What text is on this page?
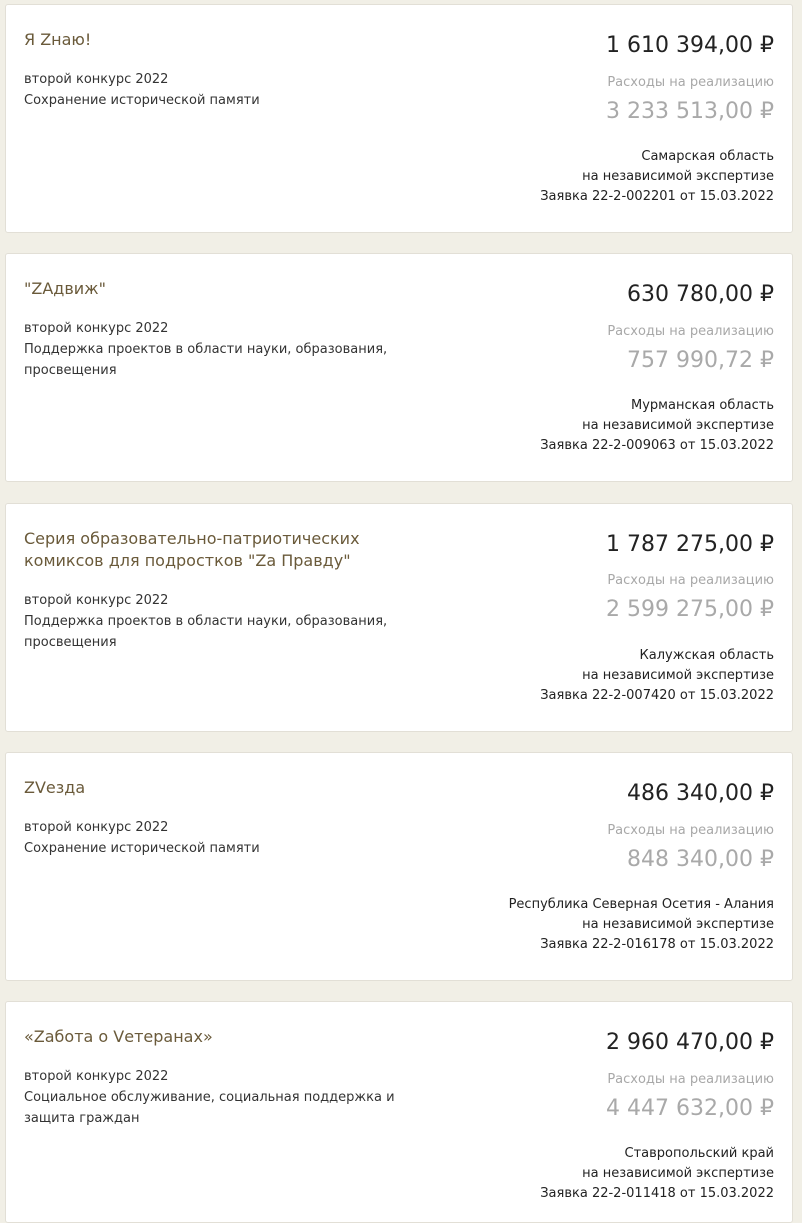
Я Zнаю!
второй конкурс 2022
Сохранение исторической памяти
1 610 394,00 ₽
Расходы на реализацию
3 233 513,00 ₽
Самарская область
на независимой экспертизе
Заявка 22-2-002201 от 15.03.2022
"ZАдвиж"
второй конкурс 2022
Поддержка проектов в области науки, образования, просвещения
630 780,00 ₽
Расходы на реализацию
757 990,72 ₽
Мурманская область
на независимой экспертизе
Заявка 22-2-009063 от 15.03.2022
Серия образовательно-патриотических комиксов для подростков "Za Правду"
второй конкурс 2022
Поддержка проектов в области науки, образования, просвещения
1 787 275,00 ₽
Расходы на реализацию
2 599 275,00 ₽
Калужская область
на независимой экспертизе
Заявка 22-2-007420 от 15.03.2022
ZVезда
второй конкурс 2022
Сохранение исторической памяти
486 340,00 ₽
Расходы на реализацию
848 340,00 ₽
Республика Северная Осетия - Алания
на независимой экспертизе
Заявка 22-2-016178 от 15.03.2022
«Zабота о Vетеранах»
второй конкурс 2022
Социальное обслуживание, социальная поддержка и защита граждан
2 960 470,00 ₽
Расходы на реализацию
4 447 632,00 ₽
Ставропольский край
на независимой экспертизе
Заявка 22-2-011418 от 15.03.2022
